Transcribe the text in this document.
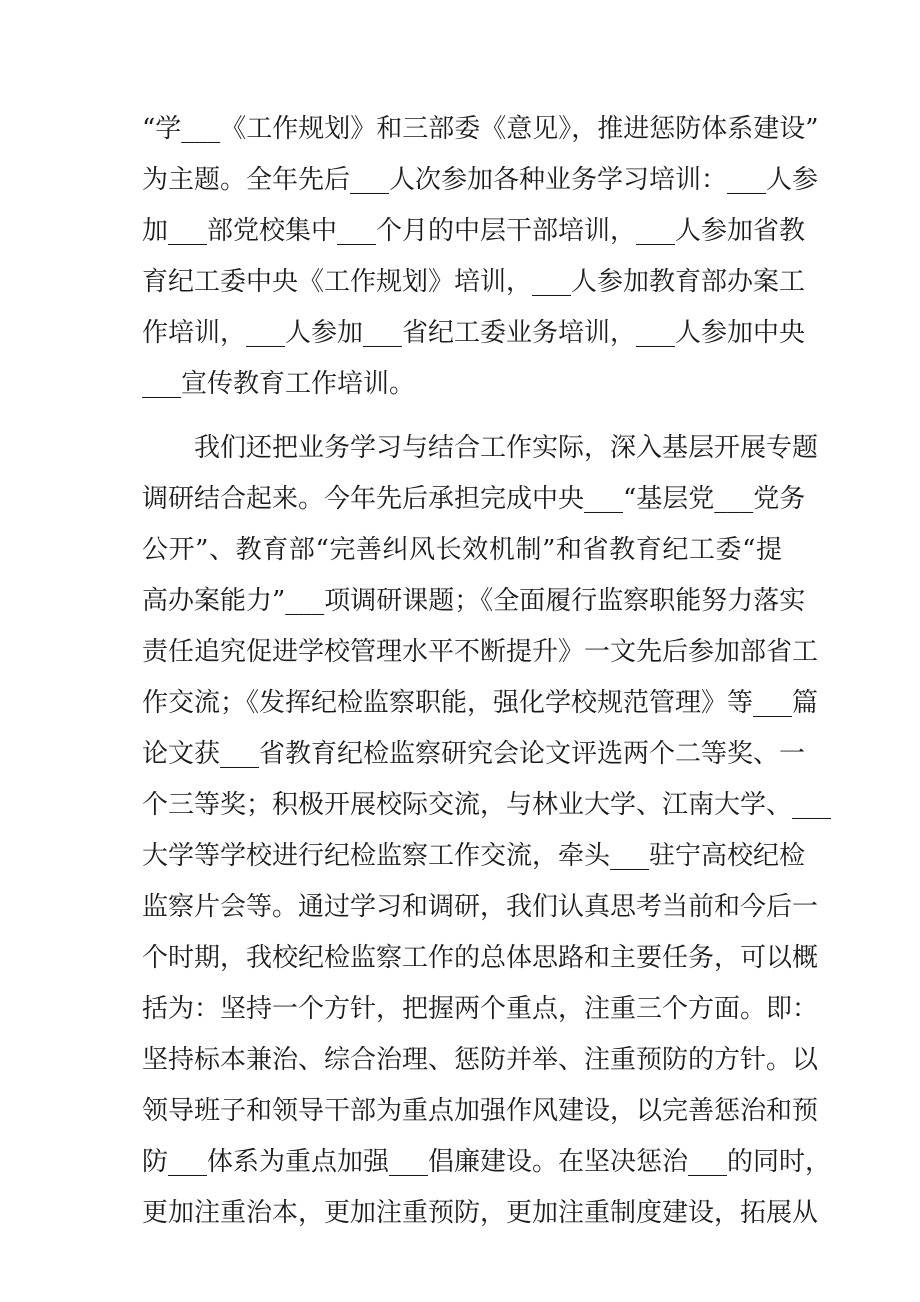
“学___《工作规划》和三部委《意见》，推进惩防体系建设”
为主题。全年先后___人次参加各种业务学习培训：___人参
加___部党校集中___个月的中层干部培训，___人参加省教
育纪工委中央《工作规划》培训，___人参加教育部办案工
作培训，___人参加___省纪工委业务培训，___人参加中央
___宣传教育工作培训。
　　我们还把业务学习与结合工作实际，深入基层开展专题
调研结合起来。今年先后承担完成中央___“基层党___党务
公开”、教育部“完善纠风长效机制”和省教育纪工委“提
高办案能力”___项调研课题；《全面履行监察职能努力落实
责任追究促进学校管理水平不断提升》一文先后参加部省工
作交流；《发挥纪检监察职能，强化学校规范管理》等___篇
论文获___省教育纪检监察研究会论文评选两个二等奖、一
个三等奖；积极开展校际交流，与林业大学、江南大学、___
大学等学校进行纪检监察工作交流，牵头___驻宁高校纪检
监察片会等。通过学习和调研，我们认真思考当前和今后一
个时期，我校纪检监察工作的总体思路和主要任务，可以概
括为：坚持一个方针，把握两个重点，注重三个方面。即：
坚持标本兼治、综合治理、惩防并举、注重预防的方针。以
领导班子和领导干部为重点加强作风建设，以完善惩治和预
防___体系为重点加强___倡廉建设。在坚决惩治___的同时，
更加注重治本，更加注重预防，更加注重制度建设，拓展从
